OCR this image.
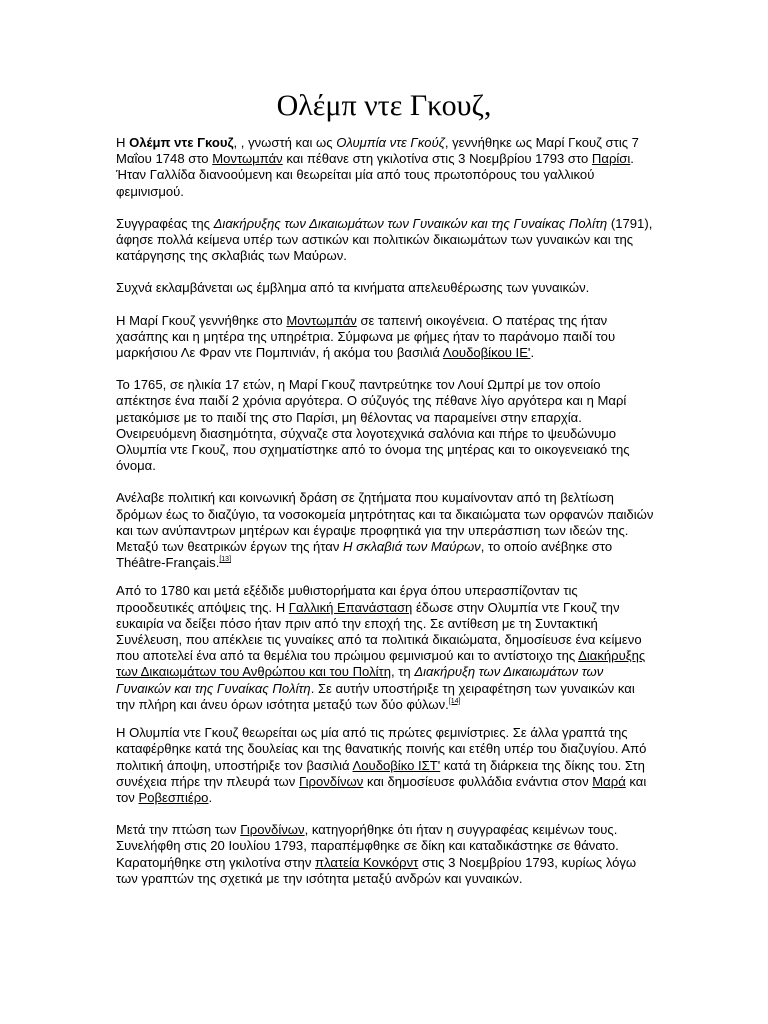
Ολέμπ ντε Γκουζ,

Η Ολέμπ ντε Γκουζ, , γνωστή και ως Ολυμπία ντε Γκούζ, γεννήθηκε ως Μαρί Γκουζ στις 7 Μαΐου 1748 στο Μοντωμπάν και πέθανε στη γκιλοτίνα στις 3 Νοεμβρίου 1793 στο Παρίσι. Ήταν Γαλλίδα διανοούμενη και θεωρείται μία από τους πρωτοπόρους του γαλλικού φεμινισμού.

Συγγραφέας της Διακήρυξης των Δικαιωμάτων των Γυναικών και της Γυναίκας Πολίτη (1791), άφησε πολλά κείμενα υπέρ των αστικών και πολιτικών δικαιωμάτων των γυναικών και της κατάργησης της σκλαβιάς των Μαύρων.

Συχνά εκλαμβάνεται ως έμβλημα από τα κινήματα απελευθέρωσης των γυναικών.

Η Μαρί Γκουζ γεννήθηκε στο Μοντωμπάν σε ταπεινή οικογένεια. Ο πατέρας της ήταν χασάπης και η μητέρα της υπηρέτρια. Σύμφωνα με φήμες ήταν το παράνομο παιδί του μαρκήσιου Λε Φραν ντε Πομπινιάν, ή ακόμα του βασιλιά Λουδοβίκου ΙΕ'.

Το 1765, σε ηλικία 17 ετών, η Μαρί Γκουζ παντρεύτηκε τον Λουί Ωμπρί με τον οποίο απέκτησε ένα παιδί 2 χρόνια αργότερα. Ο σύζυγός της πέθανε λίγο αργότερα και η Μαρί μετακόμισε με το παιδί της στο Παρίσι, μη θέλοντας να παραμείνει στην επαρχία. Ονειρευόμενη διασημότητα, σύχναζε στα λογοτεχνικά σαλόνια και πήρε το ψευδώνυμο Ολυμπία ντε Γκουζ, που σχηματίστηκε από το όνομα της μητέρας και το οικογενειακό της όνομα.

Ανέλαβε πολιτική και κοινωνική δράση σε ζητήματα που κυμαίνονταν από τη βελτίωση δρόμων έως το διαζύγιο, τα νοσοκομεία μητρότητας και τα δικαιώματα των ορφανών παιδιών και των ανύπαντρων μητέρων και έγραψε προφητικά για την υπεράσπιση των ιδεών της. Μεταξύ των θεατρικών έργων της ήταν Η σκλαβιά των Μαύρων, το οποίο ανέβηκε στο Théâtre-Français.[13]

Από το 1780 και μετά εξέδιδε μυθιστορήματα και έργα όπου υπερασπίζονταν τις προοδευτικές απόψεις της. Η Γαλλική Επανάσταση έδωσε στην Ολυμπία ντε Γκουζ την ευκαιρία να δείξει πόσο ήταν πριν από την εποχή της. Σε αντίθεση με τη Συντακτική Συνέλευση, που απέκλειε τις γυναίκες από τα πολιτικά δικαιώματα, δημοσίευσε ένα κείμενο που αποτελεί ένα από τα θεμέλια του πρώιμου φεμινισμού και το αντίστοιχο της Διακήρυξης των Δικαιωμάτων του Ανθρώπου και του Πολίτη, τη Διακήρυξη των Δικαιωμάτων των Γυναικών και της Γυναίκας Πολίτη. Σε αυτήν υποστήριξε τη χειραφέτηση των γυναικών και την πλήρη και άνευ όρων ισότητα μεταξύ των δύο φύλων.[14]

Η Ολυμπία ντε Γκουζ θεωρείται ως μία από τις πρώτες φεμινίστριες. Σε άλλα γραπτά της καταφέρθηκε κατά της δουλείας και της θανατικής ποινής και ετέθη υπέρ του διαζυγίου. Από πολιτική άποψη, υποστήριξε τον βασιλιά Λουδοβίκο ΙΣΤ' κατά τη διάρκεια της δίκης του. Στη συνέχεια πήρε την πλευρά των Γιρονδίνων και δημοσίευσε φυλλάδια ενάντια στον Μαρά και τον Ροβεσπιέρο.

Μετά την πτώση των Γιρονδίνων, κατηγορήθηκε ότι ήταν η συγγραφέας κειμένων τους. Συνελήφθη στις 20 Ιουλίου 1793, παραπέμφθηκε σε δίκη και καταδικάστηκε σε θάνατο. Καρατομήθηκε στη γκιλοτίνα στην πλατεία Κονκόρντ στις 3 Νοεμβρίου 1793, κυρίως λόγω των γραπτών της σχετικά με την ισότητα μεταξύ ανδρών και γυναικών.
